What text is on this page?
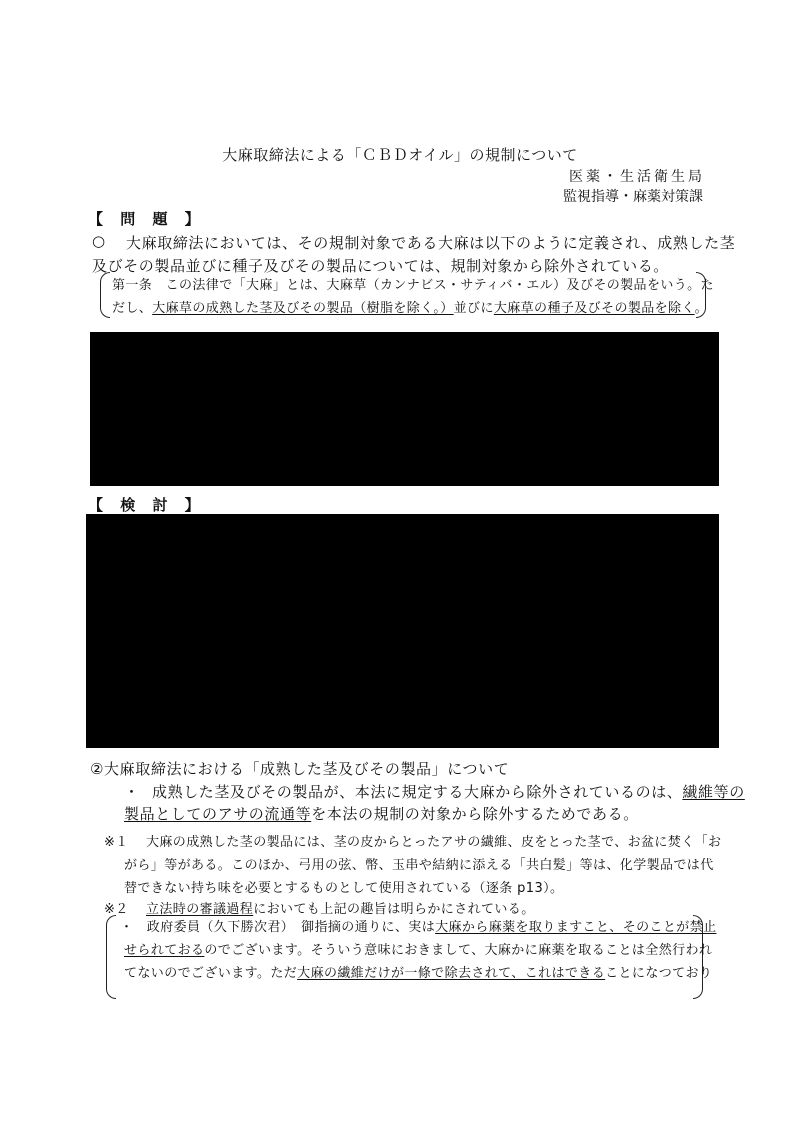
大麻取締法による「ＣＢＤオイル」の規制について
医薬・生活衛生局
監視指導・麻薬対策課
【 問 題 】
○ 大麻取締法においては、その規制対象である大麻は以下のように定義され、成熟した茎
及びその製品並びに種子及びその製品については、規制対象から除外されている。
第一条　この法律で「大麻」とは、大麻草（カンナビス・サティバ・エル）及びその製品をいう。た
だし、大麻草の成熟した茎及びその製品（樹脂を除く。）並びに大麻草の種子及びその製品を除く。
【 検 討 】
②大麻取締法における「成熟した茎及びその製品」について
・ 成熟した茎及びその製品が、本法に規定する大麻から除外されているのは、繊維等の
製品としてのアサの流通等を本法の規制の対象から除外するためである。
※１ 大麻の成熟した茎の製品には、茎の皮からとったアサの繊維、皮をとった茎で、お盆に焚く「お
がら」等がある。このほか、弓用の弦、幣、玉串や結納に添える「共白髪」等は、化学製品では代
替できない持ち味を必要とするものとして使用されている（逐条 p13）。
※２ 立法時の審議過程においても上記の趣旨は明らかにされている。
・　政府委員（久下勝次君）　御指摘の通りに、実は大麻から麻薬を取りますこと、そのことが禁止
せられておるのでございます。そういう意味におきまして、大麻かに麻薬を取ることは全然行われ
てないのでございます。ただ大麻の繊維だけが一條で除去されて、これはできることになつており
